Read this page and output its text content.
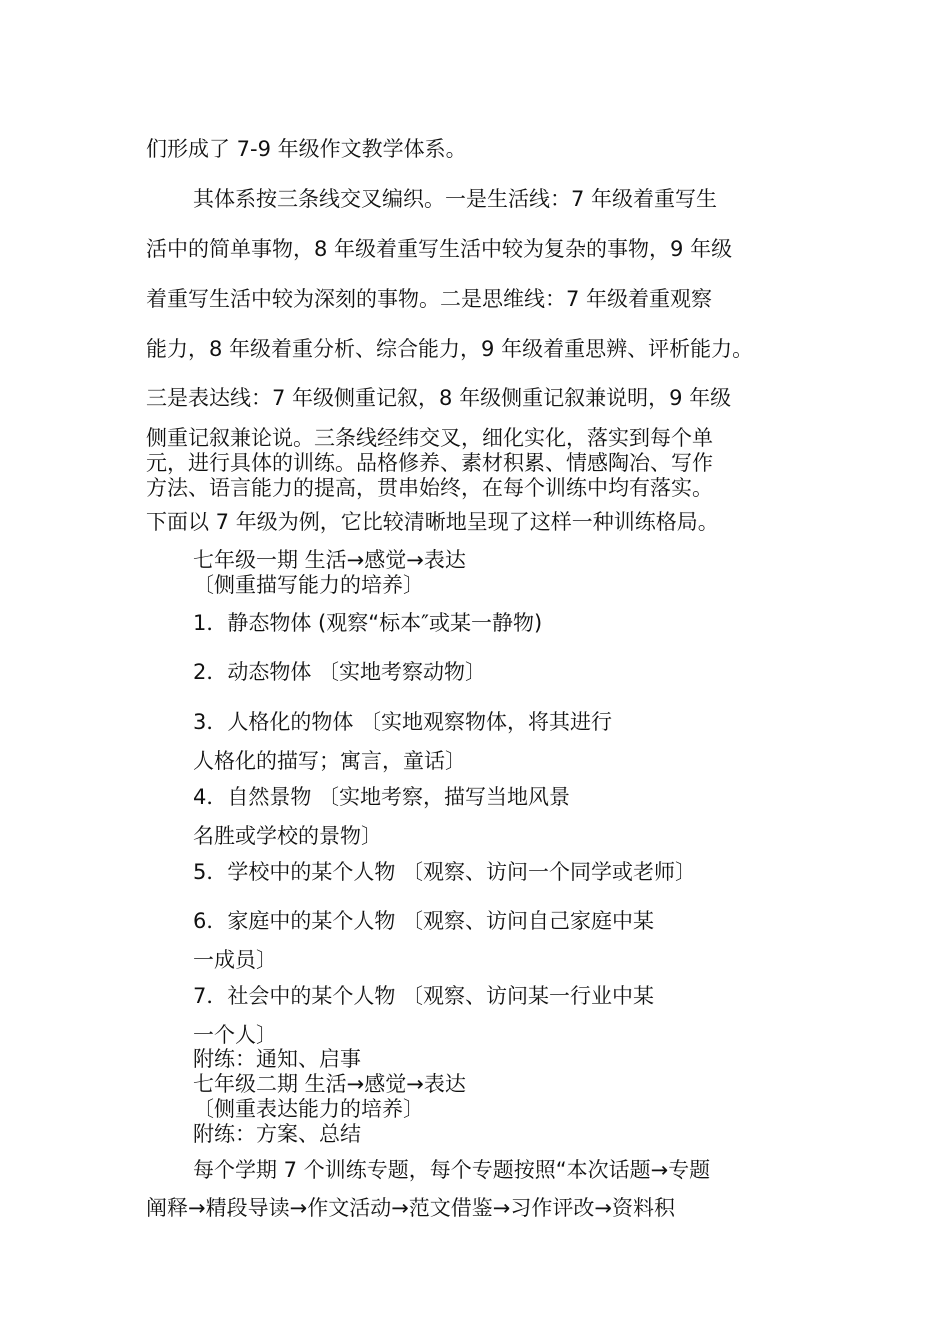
们形成了 7-9 年级作文教学体系。
其体系按三条线交叉编织。一是生活线：7 年级着重写生
活中的简单事物，8 年级着重写生活中较为复杂的事物，9 年级
着重写生活中较为深刻的事物。二是思维线：7 年级着重观察
能力，8 年级着重分析、综合能力，9 年级着重思辨、评析能力。
三是表达线：7 年级侧重记叙，8 年级侧重记叙兼说明，9 年级
侧重记叙兼论说。三条线经纬交叉，细化实化，落实到每个单
元，进行具体的训练。品格修养、素材积累、情感陶冶、写作
方法、语言能力的提高，贯串始终，在每个训练中均有落实。
下面以 7 年级为例，它比较清晰地呈现了这样一种训练格局。
七年级一期 生活→感觉→表达
〔侧重描写能力的培养〕
1．静态物体 (观察“标本″或某一静物)
2．动态物体 〔实地考察动物〕
3．人格化的物体 〔实地观察物体，将其进行
人格化的描写；寓言，童话〕
4．自然景物 〔实地考察，描写当地风景
名胜或学校的景物〕
5．学校中的某个人物 〔观察、访问一个同学或老师〕
6．家庭中的某个人物 〔观察、访问自己家庭中某
一成员〕
7．社会中的某个人物 〔观察、访问某一行业中某
一个人〕
附练：通知、启事
七年级二期 生活→感觉→表达
〔侧重表达能力的培养〕
附练：方案、总结
每个学期 7 个训练专题，每个专题按照“本次话题→专题
阐释→精段导读→作文活动→范文借鉴→习作评改→资料积
